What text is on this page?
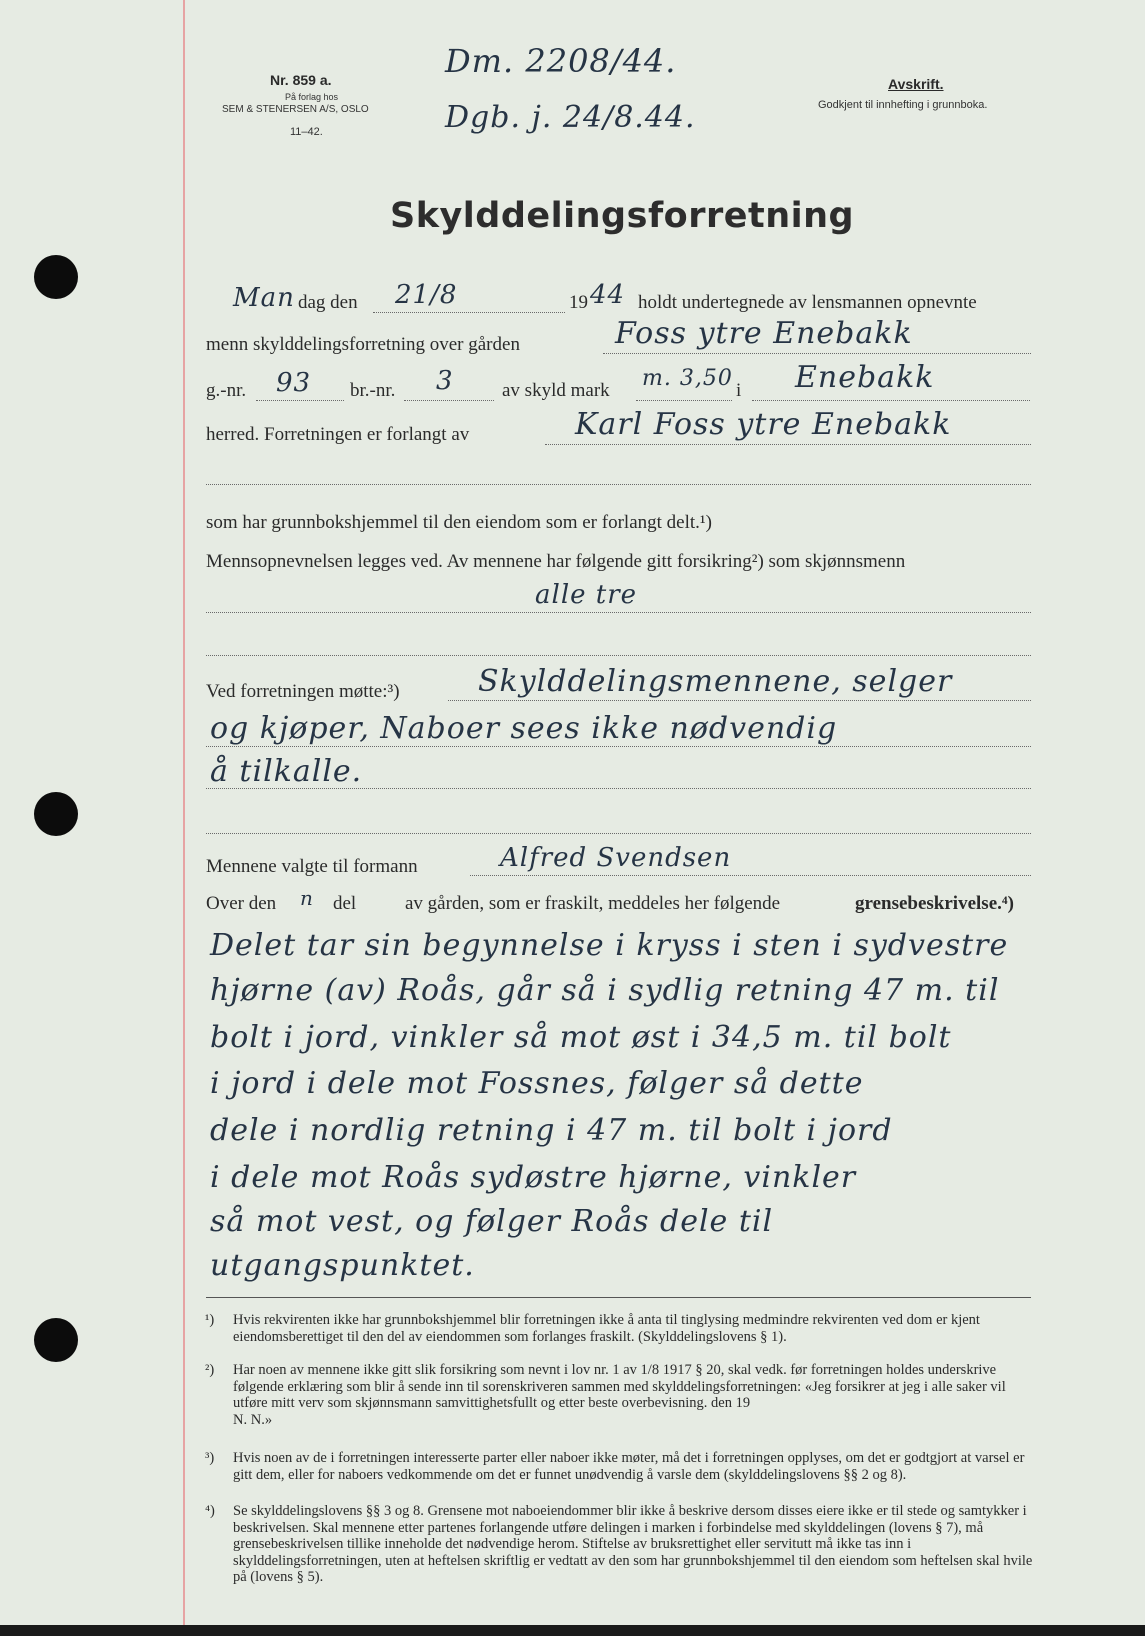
Nr. 859 a.
På forlag hos
SEM & STENERSEN A/S, OSLO
11–42.
Dm. 2208/44.
Dgb. j. 24/8.44.
Avskrift.
Godkjent til innhefting i grunnboka.
Skylddelingsforretning
Man dag den 21/8	19 44 holdt undertegnede av lensmannen opnevnte
menn skylddelingsforretning over gården	Foss ytre Enebakk
g.-nr. 93 br.-nr. 3	av skyld mark m. 3,50 i Enebakk
herred. Forretningen er forlangt av	Karl Foss ytre Enebakk
som har grunnbokshjemmel til den eiendom som er forlangt delt.¹)
Mennsopnevnelsen legges ved. Av mennene har følgende gitt forsikring²) som skjønnsmenn
alle tre
Ved forretningen møtte:³)	Skylddelingsmennene, selger
og kjøper, Naboer sees ikke nødvendig
å tilkalle.
Mennene valgte til formann	Alfred Svendsen
Over den n del	av gården, som er fraskilt, meddeles her følgende	grensebeskrivelse.⁴)
Delet tar sin begynnelse i kryss i sten i sydvestre
hjørne (av) Roås, går så i sydlig retning 47 m. til
bolt i jord, vinkler så mot øst i 34,5 m. til bolt
i jord i dele mot Fossnes, følger så dette
dele i nordlig retning i 47 m. til bolt i jord
i dele mot Roås sydøstre hjørne, vinkler
så mot vest, og følger Roås dele til
utgangspunktet.
¹) Hvis rekvirenten ikke har grunnbokshjemmel blir forretningen ikke å anta til tinglysing medmindre rekvirenten ved dom er kjent eiendomsberettiget til den del av eiendommen som forlanges fraskilt. (Skylddelingslovens § 1).
²) Har noen av mennene ikke gitt slik forsikring som nevnt i lov nr. 1 av 1/8 1917 § 20, skal vedk. før forretningen holdes underskrive følgende erklæring som blir å sende inn til sorenskriveren sammen med skylddelingsforretningen: «Jeg forsikrer at jeg i alle saker vil utføre mitt verv som skjønnsmann samvittighetsfullt og etter beste overbevisning. den 19
N. N.»
³) Hvis noen av de i forretningen interesserte parter eller naboer ikke møter, må det i forretningen opplyses, om det er godtgjort at varsel er gitt dem, eller for naboers vedkommende om det er funnet unødvendig å varsle dem (skylddelingslovens §§ 2 og 8).
⁴) Se skylddelingslovens §§ 3 og 8. Grensene mot naboeiendommer blir ikke å beskrive dersom disses eiere ikke er til stede og samtykker i beskrivelsen. Skal mennene etter partenes forlangende utføre delingen i marken i forbindelse med skylddelingen (lovens § 7), må grensebeskrivelsen tillike inneholde det nødvendige herom. Stiftelse av bruksrettighet eller servitutt må ikke tas inn i skylddelingsforretningen, uten at heftelsen skriftlig er vedtatt av den som har grunnbokshjemmel til den eiendom som heftelsen skal hvile på (lovens § 5).
